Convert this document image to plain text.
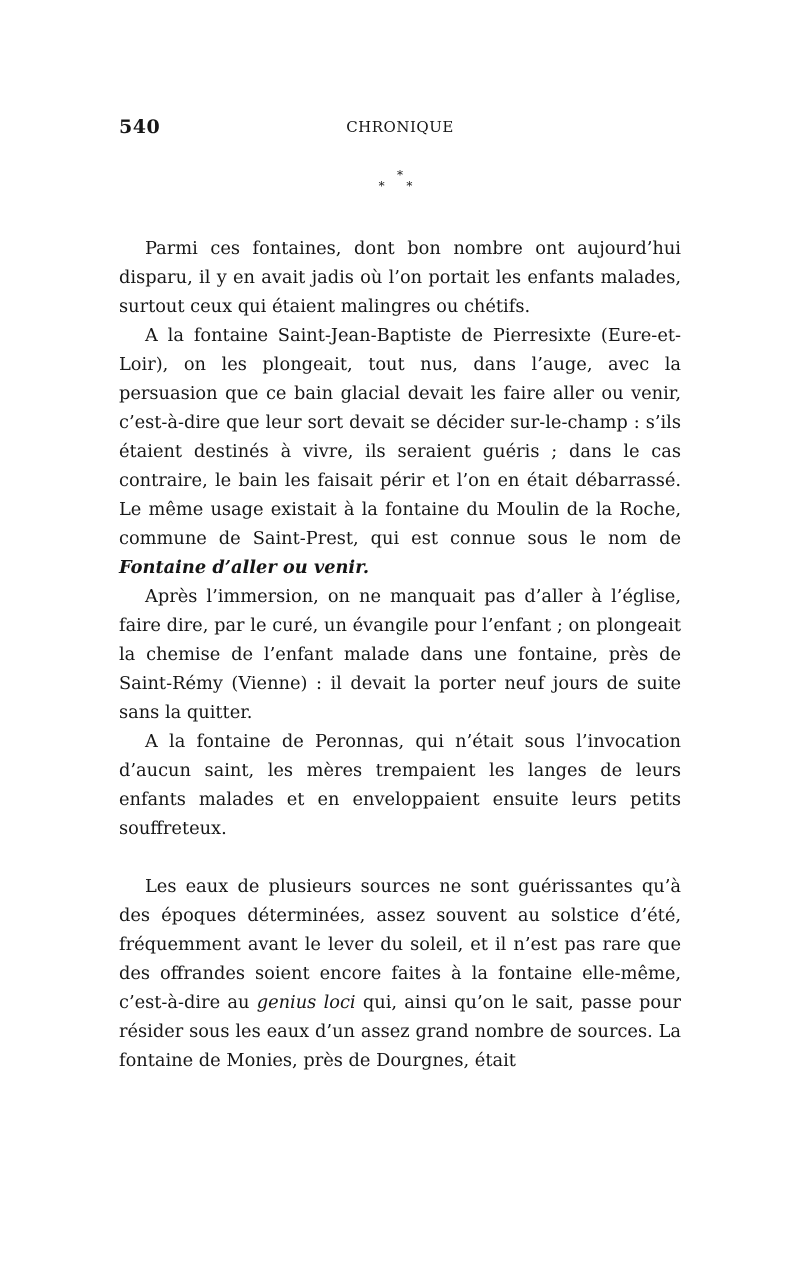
540	CHRONIQUE
*
* *

Parmi ces fontaines, dont bon nombre ont aujourd’hui disparu, il y en avait jadis où l’on portait les enfants malades, surtout ceux qui étaient malingres ou chétifs.

A la fontaine Saint-Jean-Baptiste de Pierresixte (Eure-et-Loir), on les plongeait, tout nus, dans l’auge, avec la persuasion que ce bain glacial devait les faire aller ou venir, c’est-à-dire que leur sort devait se décider sur-le-champ : s’ils étaient destinés à vivre, ils seraient guéris ; dans le cas contraire, le bain les faisait périr et l’on en était débarrassé. Le même usage existait à la fontaine du Moulin de la Roche, commune de Saint-Prest, qui est connue sous le nom de Fontaine d’aller ou venir.

Après l’immersion, on ne manquait pas d’aller à l’église, faire dire, par le curé, un évangile pour l’enfant ; on plongeait la chemise de l’enfant malade dans une fontaine, près de Saint-Rémy (Vienne) : il devait la porter neuf jours de suite sans la quitter.

A la fontaine de Peronnas, qui n’était sous l’invocation d’aucun saint, les mères trempaient les langes de leurs enfants malades et en enveloppaient ensuite leurs petits souffreteux.

Les eaux de plusieurs sources ne sont guérissantes qu’à des époques déterminées, assez souvent au solstice d’été, fréquemment avant le lever du soleil, et il n’est pas rare que des offrandes soient encore faites à la fontaine elle-même, c’est-à-dire au genius loci qui, ainsi qu’on le sait, passe pour résider sous les eaux d’un assez grand nombre de sources. La fontaine de Monies, près de Dourgnes, était
